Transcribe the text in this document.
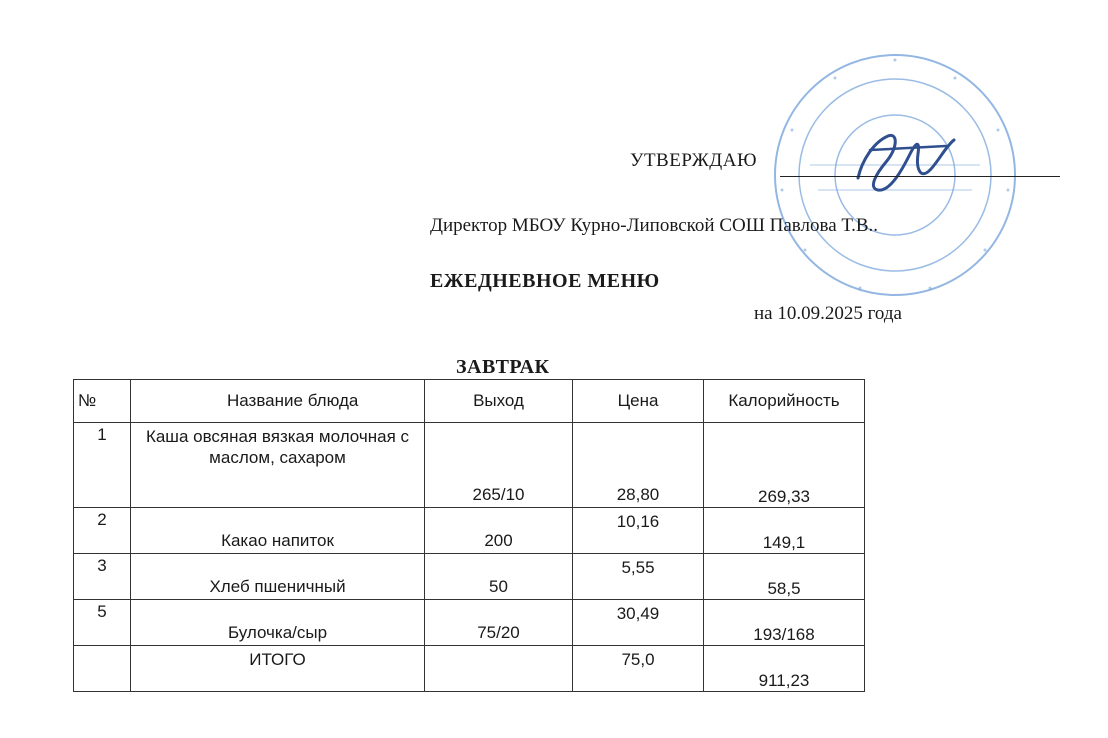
УТВЕРЖДАЮ
Директор МБОУ Курно-Липовской СОШ Павлова Т.В..
ЕЖЕДНЕВНОЕ МЕНЮ
на 10.09.2025 года
ЗАВТРАК
№	Название блюда	Выход	Цена	Калорийность
1	Каша овсяная вязкая молочная с маслом, сахаром	265/10	28,80	269,33
2	Какао напиток	200	10,16	149,1
3	Хлеб пшеничный	50	5,55	58,5
5	Булочка/сыр	75/20	30,49	193/168
	ИТОГО		75,0	911,23
